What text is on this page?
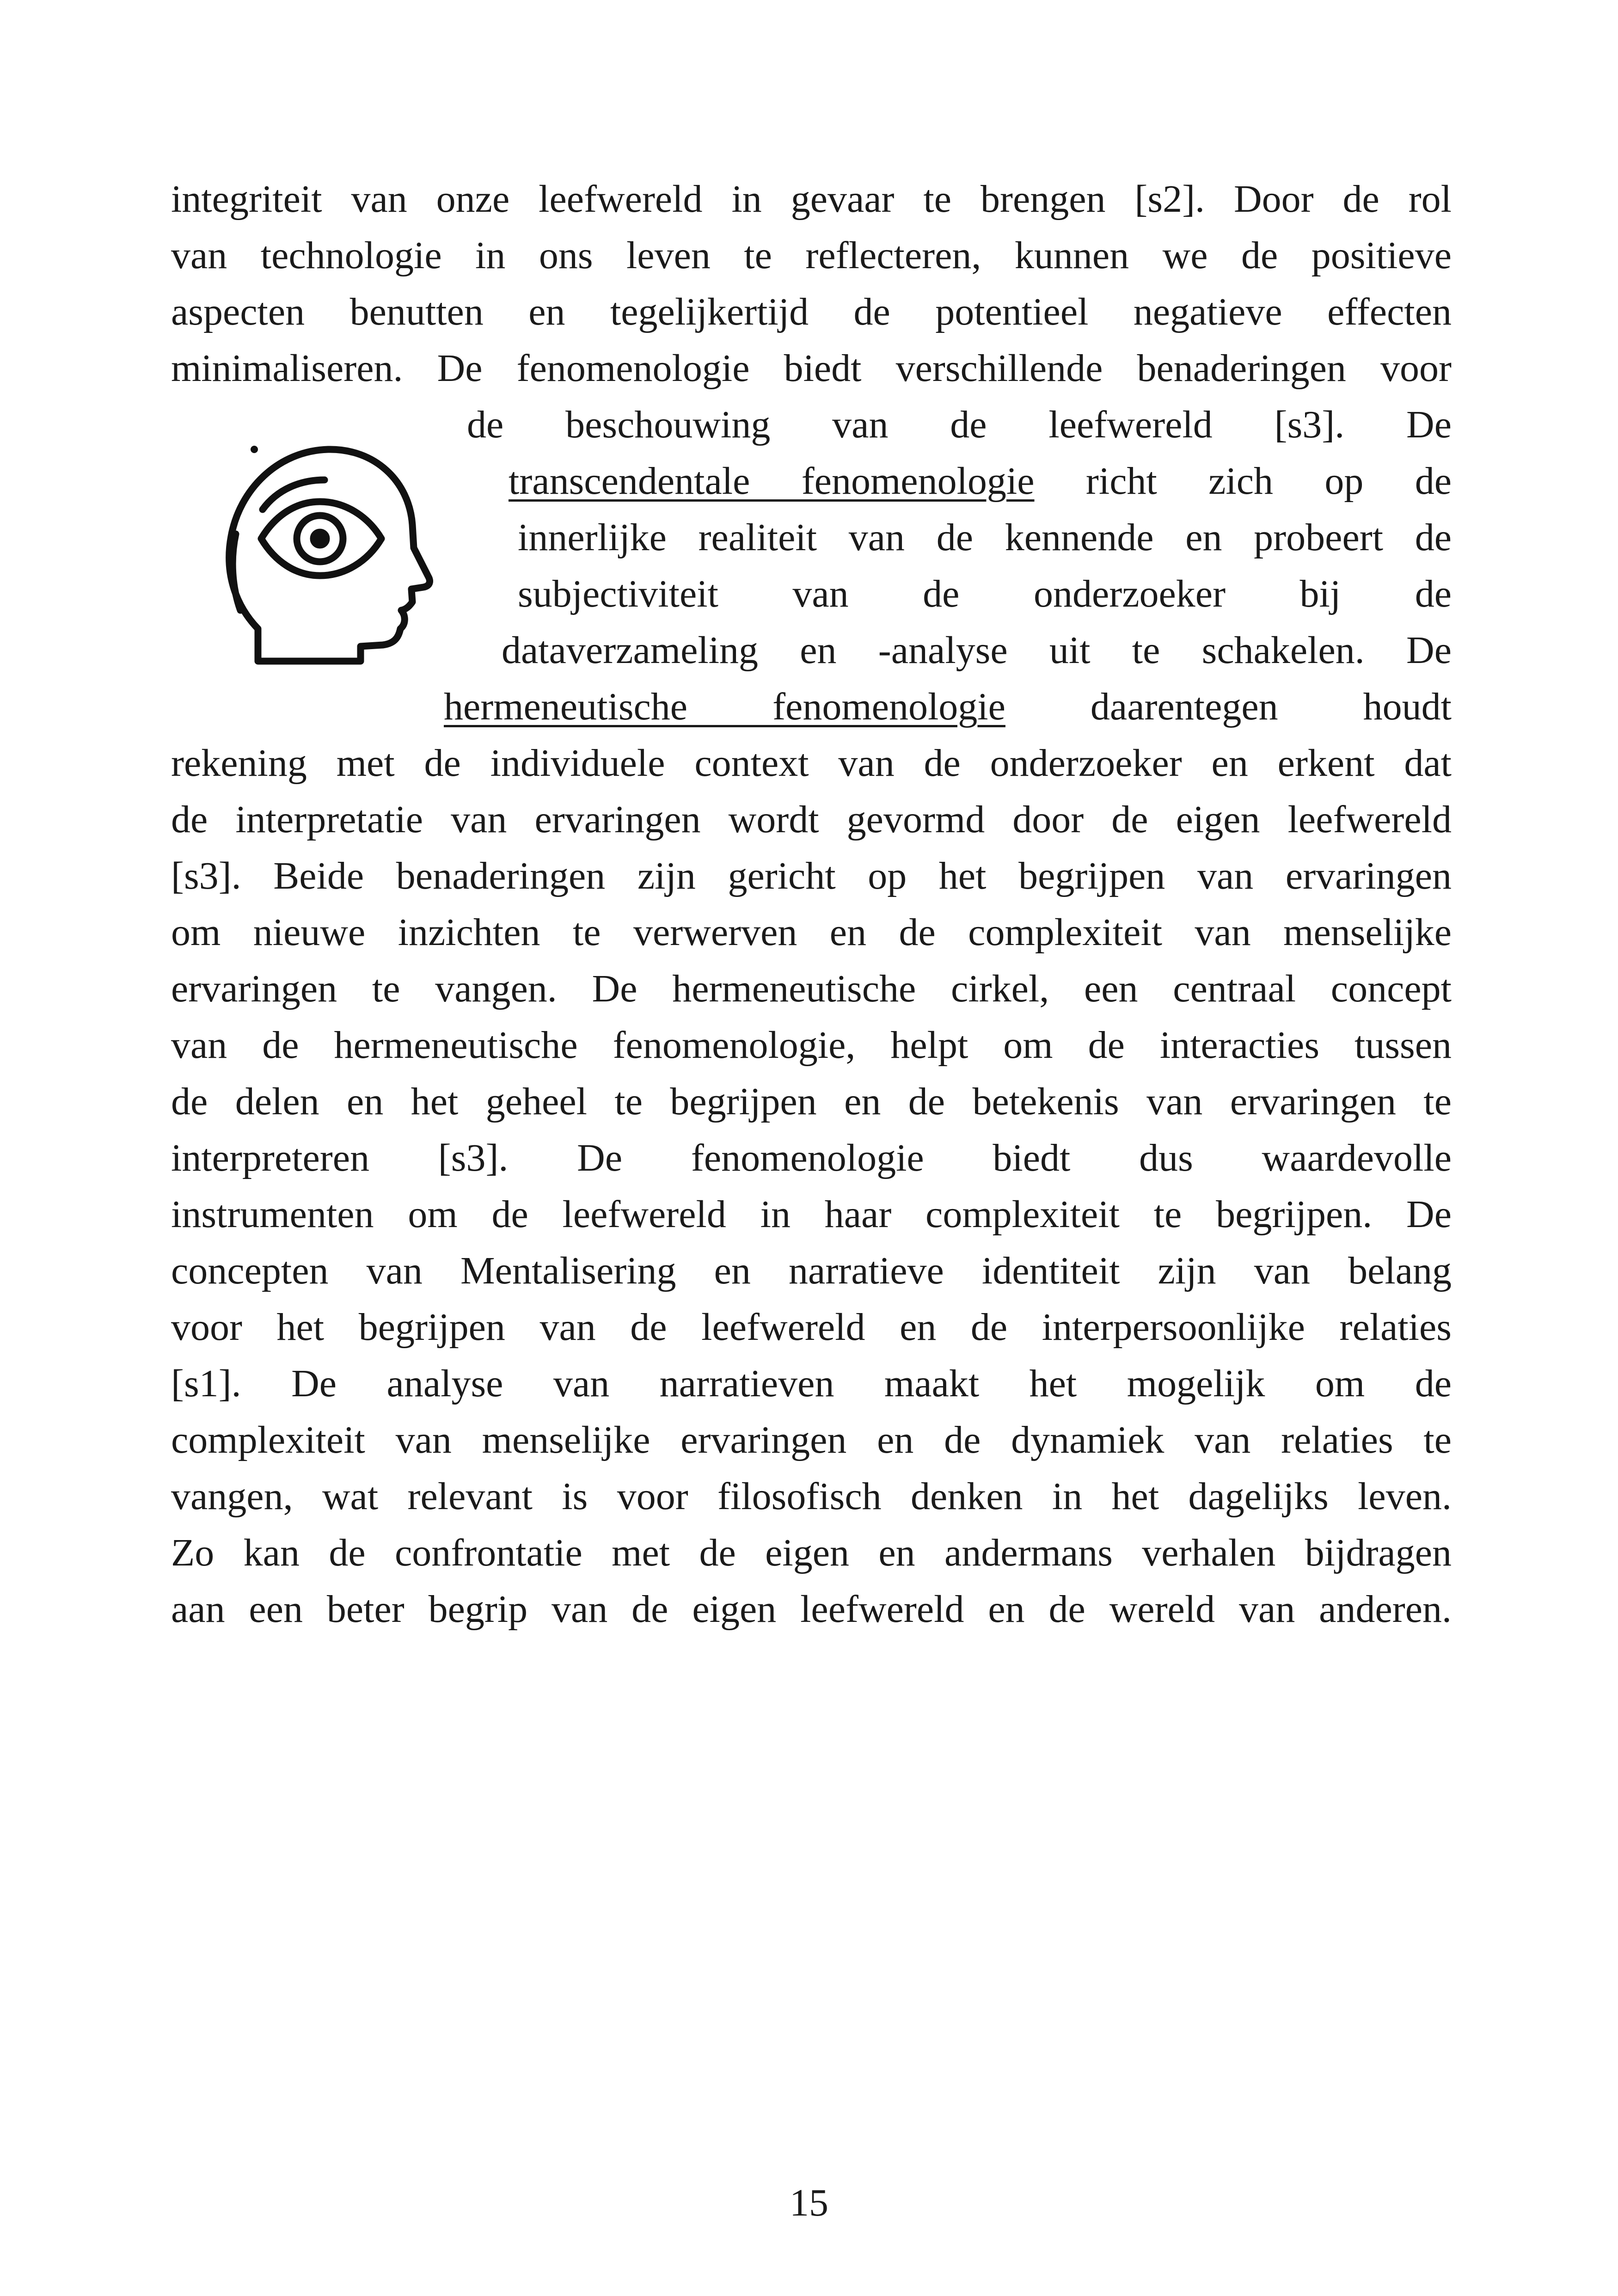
integriteit van onze leefwereld in gevaar te brengen [s2]. Door de rol
van technologie in ons leven te reflecteren, kunnen we de positieve
aspecten benutten en tegelijkertijd de potentieel negatieve effecten
minimaliseren. De fenomenologie biedt verschillende benaderingen voor
de beschouwing van de leefwereld [s3]. De
transcendentale fenomenologie richt zich op de
innerlijke realiteit van de kennende en probeert de
subjectiviteit van de onderzoeker bij de
dataverzameling en -analyse uit te schakelen. De
hermeneutische fenomenologie daarentegen houdt
rekening met de individuele context van de onderzoeker en erkent dat
de interpretatie van ervaringen wordt gevormd door de eigen leefwereld
[s3]. Beide benaderingen zijn gericht op het begrijpen van ervaringen
om nieuwe inzichten te verwerven en de complexiteit van menselijke
ervaringen te vangen. De hermeneutische cirkel, een centraal concept
van de hermeneutische fenomenologie, helpt om de interacties tussen
de delen en het geheel te begrijpen en de betekenis van ervaringen te
interpreteren [s3]. De fenomenologie biedt dus waardevolle
instrumenten om de leefwereld in haar complexiteit te begrijpen. De
concepten van Mentalisering en narratieve identiteit zijn van belang
voor het begrijpen van de leefwereld en de interpersoonlijke relaties
[s1]. De analyse van narratieven maakt het mogelijk om de
complexiteit van menselijke ervaringen en de dynamiek van relaties te
vangen, wat relevant is voor filosofisch denken in het dagelijks leven.
Zo kan de confrontatie met de eigen en andermans verhalen bijdragen
aan een beter begrip van de eigen leefwereld en de wereld van anderen.
15
